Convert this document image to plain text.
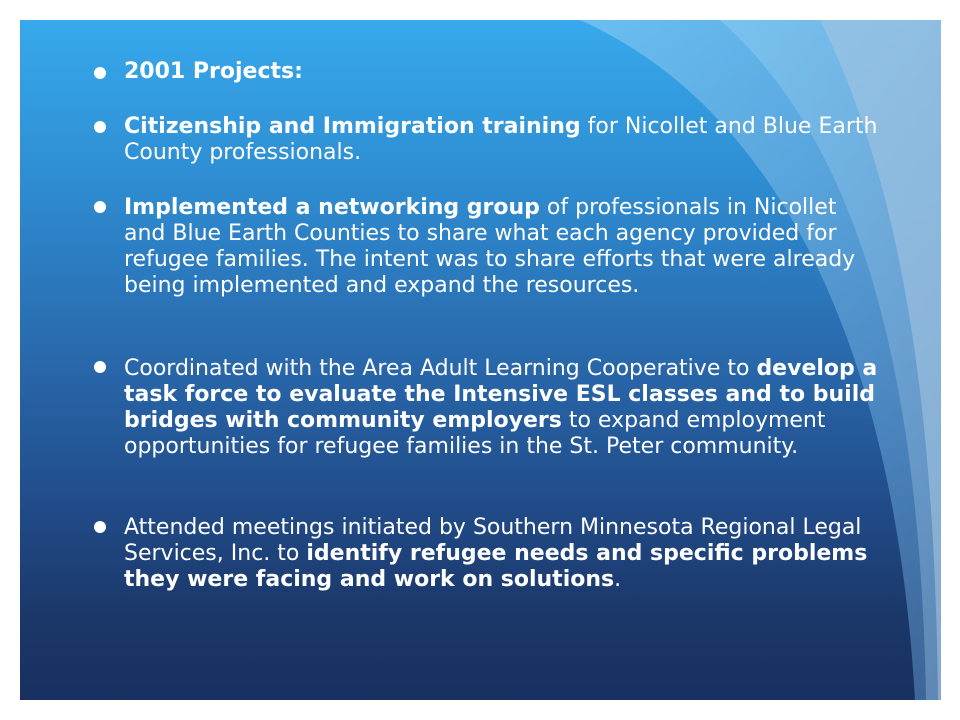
2001 Projects:
Citizenship and Immigration training for Nicollet and Blue Earth County professionals.
Implemented a networking group of professionals in Nicollet and Blue Earth Counties to share what each agency provided for refugee families. The intent was to share efforts that were already being implemented and expand the resources.
Coordinated with the Area Adult Learning Cooperative to develop a task force to evaluate the Intensive ESL classes and to build bridges with community employers to expand employment opportunities for refugee families in the St. Peter community.
Attended meetings initiated by Southern Minnesota Regional Legal Services, Inc. to identify refugee needs and specific problems they were facing and work on solutions.
